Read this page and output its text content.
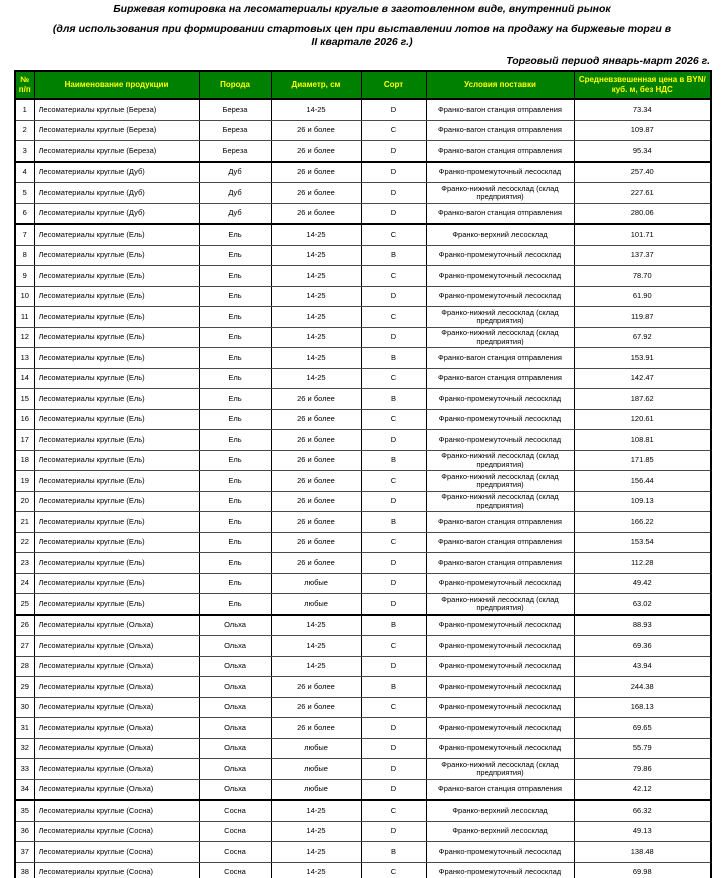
Биржевая котировка на лесоматериалы круглые в заготовленном виде, внутренний рынок
(для использования при формировании стартовых цен при выставлении лотов на продажу на биржевые торги в
II квартале 2026 г.)
Торговый период январь-март 2026 г.
№ п/п	Наименование продукции	Порода	Диаметр, см	Сорт	Условия поставки	Средневзвешенная цена в BYN/куб. м, без НДС

1	Лесоматериалы круглые (Береза)	Береза	14-25	D	Франко-вагон станция отправления	73.34

2	Лесоматериалы круглые (Береза)	Береза	26 и более	C	Франко-вагон станция отправления	109.87

3	Лесоматериалы круглые (Береза)	Береза	26 и более	D	Франко-вагон станция отправления	95.34

4	Лесоматериалы круглые (Дуб)	Дуб	26 и более	D	Франко-промежуточный лесосклад	257.40

5	Лесоматериалы круглые (Дуб)	Дуб	26 и более	D	Франко-нижний лесосклад (склад предприятия)	227.61

6	Лесоматериалы круглые (Дуб)	Дуб	26 и более	D	Франко-вагон станция отправления	280.06

7	Лесоматериалы круглые (Ель)	Ель	14-25	C	Франко-верхний лесосклад	101.71

8	Лесоматериалы круглые (Ель)	Ель	14-25	B	Франко-промежуточный лесосклад	137.37

9	Лесоматериалы круглые (Ель)	Ель	14-25	C	Франко-промежуточный лесосклад	78.70

10	Лесоматериалы круглые (Ель)	Ель	14-25	D	Франко-промежуточный лесосклад	61.90

11	Лесоматериалы круглые (Ель)	Ель	14-25	C	Франко-нижний лесосклад (склад предприятия)	119.87

12	Лесоматериалы круглые (Ель)	Ель	14-25	D	Франко-нижний лесосклад (склад предприятия)	67.92

13	Лесоматериалы круглые (Ель)	Ель	14-25	B	Франко-вагон станция отправления	153.91

14	Лесоматериалы круглые (Ель)	Ель	14-25	C	Франко-вагон станция отправления	142.47

15	Лесоматериалы круглые (Ель)	Ель	26 и более	B	Франко-промежуточный лесосклад	187.62

16	Лесоматериалы круглые (Ель)	Ель	26 и более	C	Франко-промежуточный лесосклад	120.61

17	Лесоматериалы круглые (Ель)	Ель	26 и более	D	Франко-промежуточный лесосклад	108.81

18	Лесоматериалы круглые (Ель)	Ель	26 и более	B	Франко-нижний лесосклад (склад предприятия)	171.85

19	Лесоматериалы круглые (Ель)	Ель	26 и более	C	Франко-нижний лесосклад (склад предприятия)	156.44

20	Лесоматериалы круглые (Ель)	Ель	26 и более	D	Франко-нижний лесосклад (склад предприятия)	109.13

21	Лесоматериалы круглые (Ель)	Ель	26 и более	B	Франко-вагон станция отправления	166.22

22	Лесоматериалы круглые (Ель)	Ель	26 и более	C	Франко-вагон станция отправления	153.54

23	Лесоматериалы круглые (Ель)	Ель	26 и более	D	Франко-вагон станция отправления	112.28

24	Лесоматериалы круглые (Ель)	Ель	любые	D	Франко-промежуточный лесосклад	49.42

25	Лесоматериалы круглые (Ель)	Ель	любые	D	Франко-нижний лесосклад (склад предприятия)	63.02

26	Лесоматериалы круглые (Ольха)	Ольха	14-25	B	Франко-промежуточный лесосклад	88.93

27	Лесоматериалы круглые (Ольха)	Ольха	14-25	C	Франко-промежуточный лесосклад	69.36

28	Лесоматериалы круглые (Ольха)	Ольха	14-25	D	Франко-промежуточный лесосклад	43.94

29	Лесоматериалы круглые (Ольха)	Ольха	26 и более	B	Франко-промежуточный лесосклад	244.38

30	Лесоматериалы круглые (Ольха)	Ольха	26 и более	C	Франко-промежуточный лесосклад	168.13

31	Лесоматериалы круглые (Ольха)	Ольха	26 и более	D	Франко-промежуточный лесосклад	69.65

32	Лесоматериалы круглые (Ольха)	Ольха	любые	D	Франко-промежуточный лесосклад	55.79

33	Лесоматериалы круглые (Ольха)	Ольха	любые	D	Франко-нижний лесосклад (склад предприятия)	79.86

34	Лесоматериалы круглые (Ольха)	Ольха	любые	D	Франко-вагон станция отправления	42.12

35	Лесоматериалы круглые (Сосна)	Сосна	14-25	C	Франко-верхний лесосклад	66.32

36	Лесоматериалы круглые (Сосна)	Сосна	14-25	D	Франко-верхний лесосклад	49.13

37	Лесоматериалы круглые (Сосна)	Сосна	14-25	B	Франко-промежуточный лесосклад	138.48

38	Лесоматериалы круглые (Сосна)	Сосна	14-25	C	Франко-промежуточный лесосклад	69.98
